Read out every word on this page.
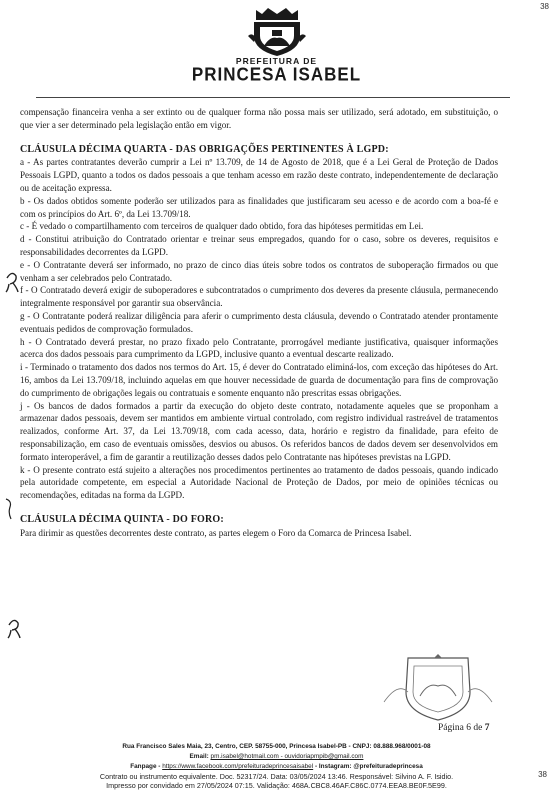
38
PREFEITURA DE
PRINCESA ISABEL

compensação financeira venha a ser extinto ou de qualquer forma não possa mais ser utilizado, será adotado, em substituição, o que vier a ser determinado pela legislação então em vigor.

CLÁUSULA DÉCIMA QUARTA - DAS OBRIGAÇÕES PERTINENTES À LGPD:

a - As partes contratantes deverão cumprir a Lei nº 13.709, de 14 de Agosto de 2018, que é a Lei Geral de Proteção de Dados Pessoais LGPD, quanto a todos os dados pessoais a que tenham acesso em razão deste contrato, independentemente de declaração ou de aceitação expressa.

b - Os dados obtidos somente poderão ser utilizados para as finalidades que justificaram seu acesso e de acordo com a boa-fé e com os princípios do Art. 6º, da Lei 13.709/18.

c - É vedado o compartilhamento com terceiros de qualquer dado obtido, fora das hipóteses permitidas em Lei.

d - Constitui atribuição do Contratado orientar e treinar seus empregados, quando for o caso, sobre os deveres, requisitos e responsabilidades decorrentes da LGPD.

e - O Contratante deverá ser informado, no prazo de cinco dias úteis sobre todos os contratos de suboperação firmados ou que venham a ser celebrados pelo Contratado.

f - O Contratado deverá exigir de suboperadores e subcontratados o cumprimento dos deveres da presente cláusula, permanecendo integralmente responsável por garantir sua observância.

g - O Contratante poderá realizar diligência para aferir o cumprimento desta cláusula, devendo o Contratado atender prontamente eventuais pedidos de comprovação formulados.

h - O Contratado deverá prestar, no prazo fixado pelo Contratante, prorrogável mediante justificativa, quaisquer informações acerca dos dados pessoais para cumprimento da LGPD, inclusive quanto a eventual descarte realizado.

i - Terminado o tratamento dos dados nos termos do Art. 15, é dever do Contratado eliminá-los, com exceção das hipóteses do Art. 16, ambos da Lei 13.709/18, incluindo aquelas em que houver necessidade de guarda de documentação para fins de comprovação do cumprimento de obrigações legais ou contratuais e somente enquanto não prescritas essas obrigações.

j - Os bancos de dados formados a partir da execução do objeto deste contrato, notadamente aqueles que se proponham a armazenar dados pessoais, devem ser mantidos em ambiente virtual controlado, com registro individual rastreável de tratamentos realizados, conforme Art. 37, da Lei 13.709/18, com cada acesso, data, horário e registro da finalidade, para efeito de responsabilização, em caso de eventuais omissões, desvios ou abusos. Os referidos bancos de dados devem ser desenvolvidos em formato interoperável, a fim de garantir a reutilização desses dados pelo Contratante nas hipóteses previstas na LGPD.

k - O presente contrato está sujeito a alterações nos procedimentos pertinentes ao tratamento de dados pessoais, quando indicado pela autoridade competente, em especial a Autoridade Nacional de Proteção de Dados, por meio de opiniões técnicas ou recomendações, editadas na forma da LGPD.

CLÁUSULA DÉCIMA QUINTA - DO FORO:

Para dirimir as questões decorrentes deste contrato, as partes elegem o Foro da Comarca de Princesa Isabel.

Página 6 de 7
Rua Francisco Sales Maia, 23, Centro, CEP. 58755-000, Princesa Isabel-PB - CNPJ: 08.888.968/0001-08
Email: pm.isabel@hotmail.com - ouvidoriapmpib@gmail.com
Fanpage - https://www.facebook.com/prefeituradeprincesaisabel - Instagram: @prefeituradeprincesa
Contrato ou instrumento equivalente. Doc. 52317/24. Data: 03/05/2024 13:46. Responsável: Silvino A. F. Isidio.
Impresso por convidado em 27/05/2024 07:15. Validação: 468A.CBC8.46AF.C86C.0774.EEA8.BE0F.5E99.
38
